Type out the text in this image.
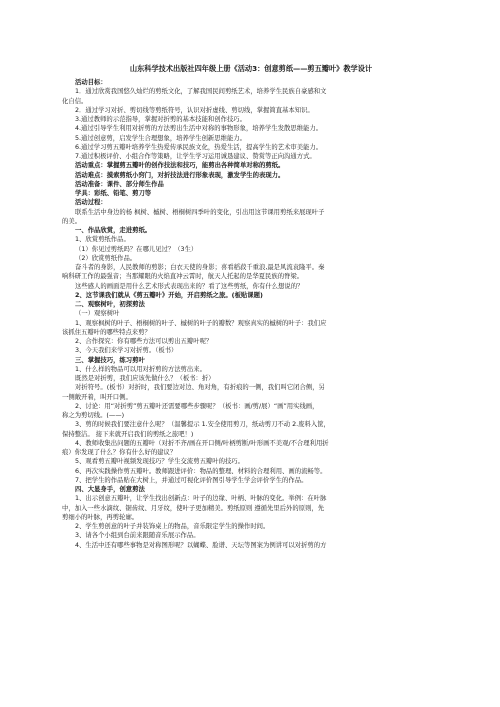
山东科学技术出版社四年级上册《活动3：创意剪纸——剪五瓣叶》教学设计
活动目标：
1．通过欣赏我国悠久灿烂的剪纸文化，了解我国民间剪纸艺术，培养学生民族自豪感和文
化自信。
2．通过学习对折、剪切线等剪纸符号，认识对折虚线、剪切线，掌握简直基本知识。
3.通过教师的示范指导，掌握对折剪的基本技能和创作技巧。
4.通过引导学生利用对折剪的方法剪出生活中对称的事物形象，培养学生发散思维能力。
5.通过创意剪，启发学生合理想象，培养学生创新思维能力。
6.通过学习剪五瓣叶培养学生热爱传承民族文化，热爱生活，提高学生的艺术审美能力。
7.通过积极评价、小组合作等策略，让学生学习运用诚恳建议、赞赏等正向沟通方式。
活动重点：掌握剪五瓣叶的创作技法和技巧，能剪出各种简单对称的剪纸。
活动难点：摸索剪纸小窍门，对折技法进行形象表现，激发学生的表现力。
活动准备：课件、部分师生作品
学具：彩纸、铅笔、剪刀等
活动过程：
联系生活中身边的杨 枫树、槭树、梧桐树四季叶的变化，引出用这节课用剪纸来展现叶子
的美。
一、作品欣赏，走进剪纸。
1、欣赏剪纸作品。
（1）你见过剪纸吗？在哪儿见过？（3生）
（2）欣赏剪纸作品。
奋斗者的身影，人民教师的剪影；白衣天使的身影；喜看稻菽千重浪,最是风流袁隆平。秦
响科研工作的最强音；当那耀眼的火焰直冲云霄时，航天人托起的是华夏民族的脊梁。
这些感人的画面是用什么艺术形式表现出来的？看了这些剪纸，你有什么想说的？
2、这节课我们就从《剪五瓣叶》开始，开启剪纸之旅。(板贴课题)
二、观察树叶，初探剪法
（一）观察树叶
1、观察枫树的叶子、梧桐树的叶子、槭树的叶子的瓣数？观察真实的槭树的叶子：我们应
该抓住五瓣叶的哪些特点来剪？
2、合作探究：你有哪些方法可以剪出五瓣叶呢？
3、今天我们来学习对折剪。（板书）
三、掌握技巧，练习剪叶
1、什么样的物品可以用对折剪的方法剪出来。
既然是对折剪，我们应该先做什么？（板书：折）
对折符号。(板书）对折时，我们要边对边、角对角，有折痕的一侧，我们叫它闭合侧，另
一侧敞开着，叫开口侧。
2、讨论：用“对折剪”剪五瓣叶还需要哪些步骤呢？（板书：画/剪/展）“画”用实线画，
称之为剪切线。(——)
3、剪的时候我们要注意什么呢？（温馨提示 1.安全使用剪刀，纸动剪刀不动 2.废料入筐，
保持整洁。 接下来就开启我们的剪纸之旅吧！)
4、教师收集出问题的五瓣叶（对折不齐/画在开口侧/叶柄剪断/叶形画不美观/不合理利用折
痕）你发现了什么？你有什么好的建议？
5、观看剪五瓣叶视频发现技巧？学生交流剪五瓣叶的技巧。
6、再次实践操作剪五瓣叶。教师跟进评价：物品的整理、材料的合理利用、画的流畅等。
7、把学生的作品贴在大树上，并通过可视化评价图引导学生学会评价学生的作品。
四、大显身手，创意剪法
1、出示创意五瓣叶，让学生找出创新点：叶子的边缘、叶柄、叶脉的变化。举例：在叶脉
中，加入一些水滴纹、锯齿纹、月牙纹，使叶子更加精美。剪纸原则 遵循先里后外的原则，先
剪细小的叶脉，再剪轮廓。
2、学生剪创意的叶子并装饰桌上的物品，音乐限定学生的操作时间。
3、请各个小组到台前来跟随音乐展示作品。
4、生活中还有哪些事物是对称图形呢？以蝴蝶、脸谱、天坛等图案为例讲可以对折剪的方
